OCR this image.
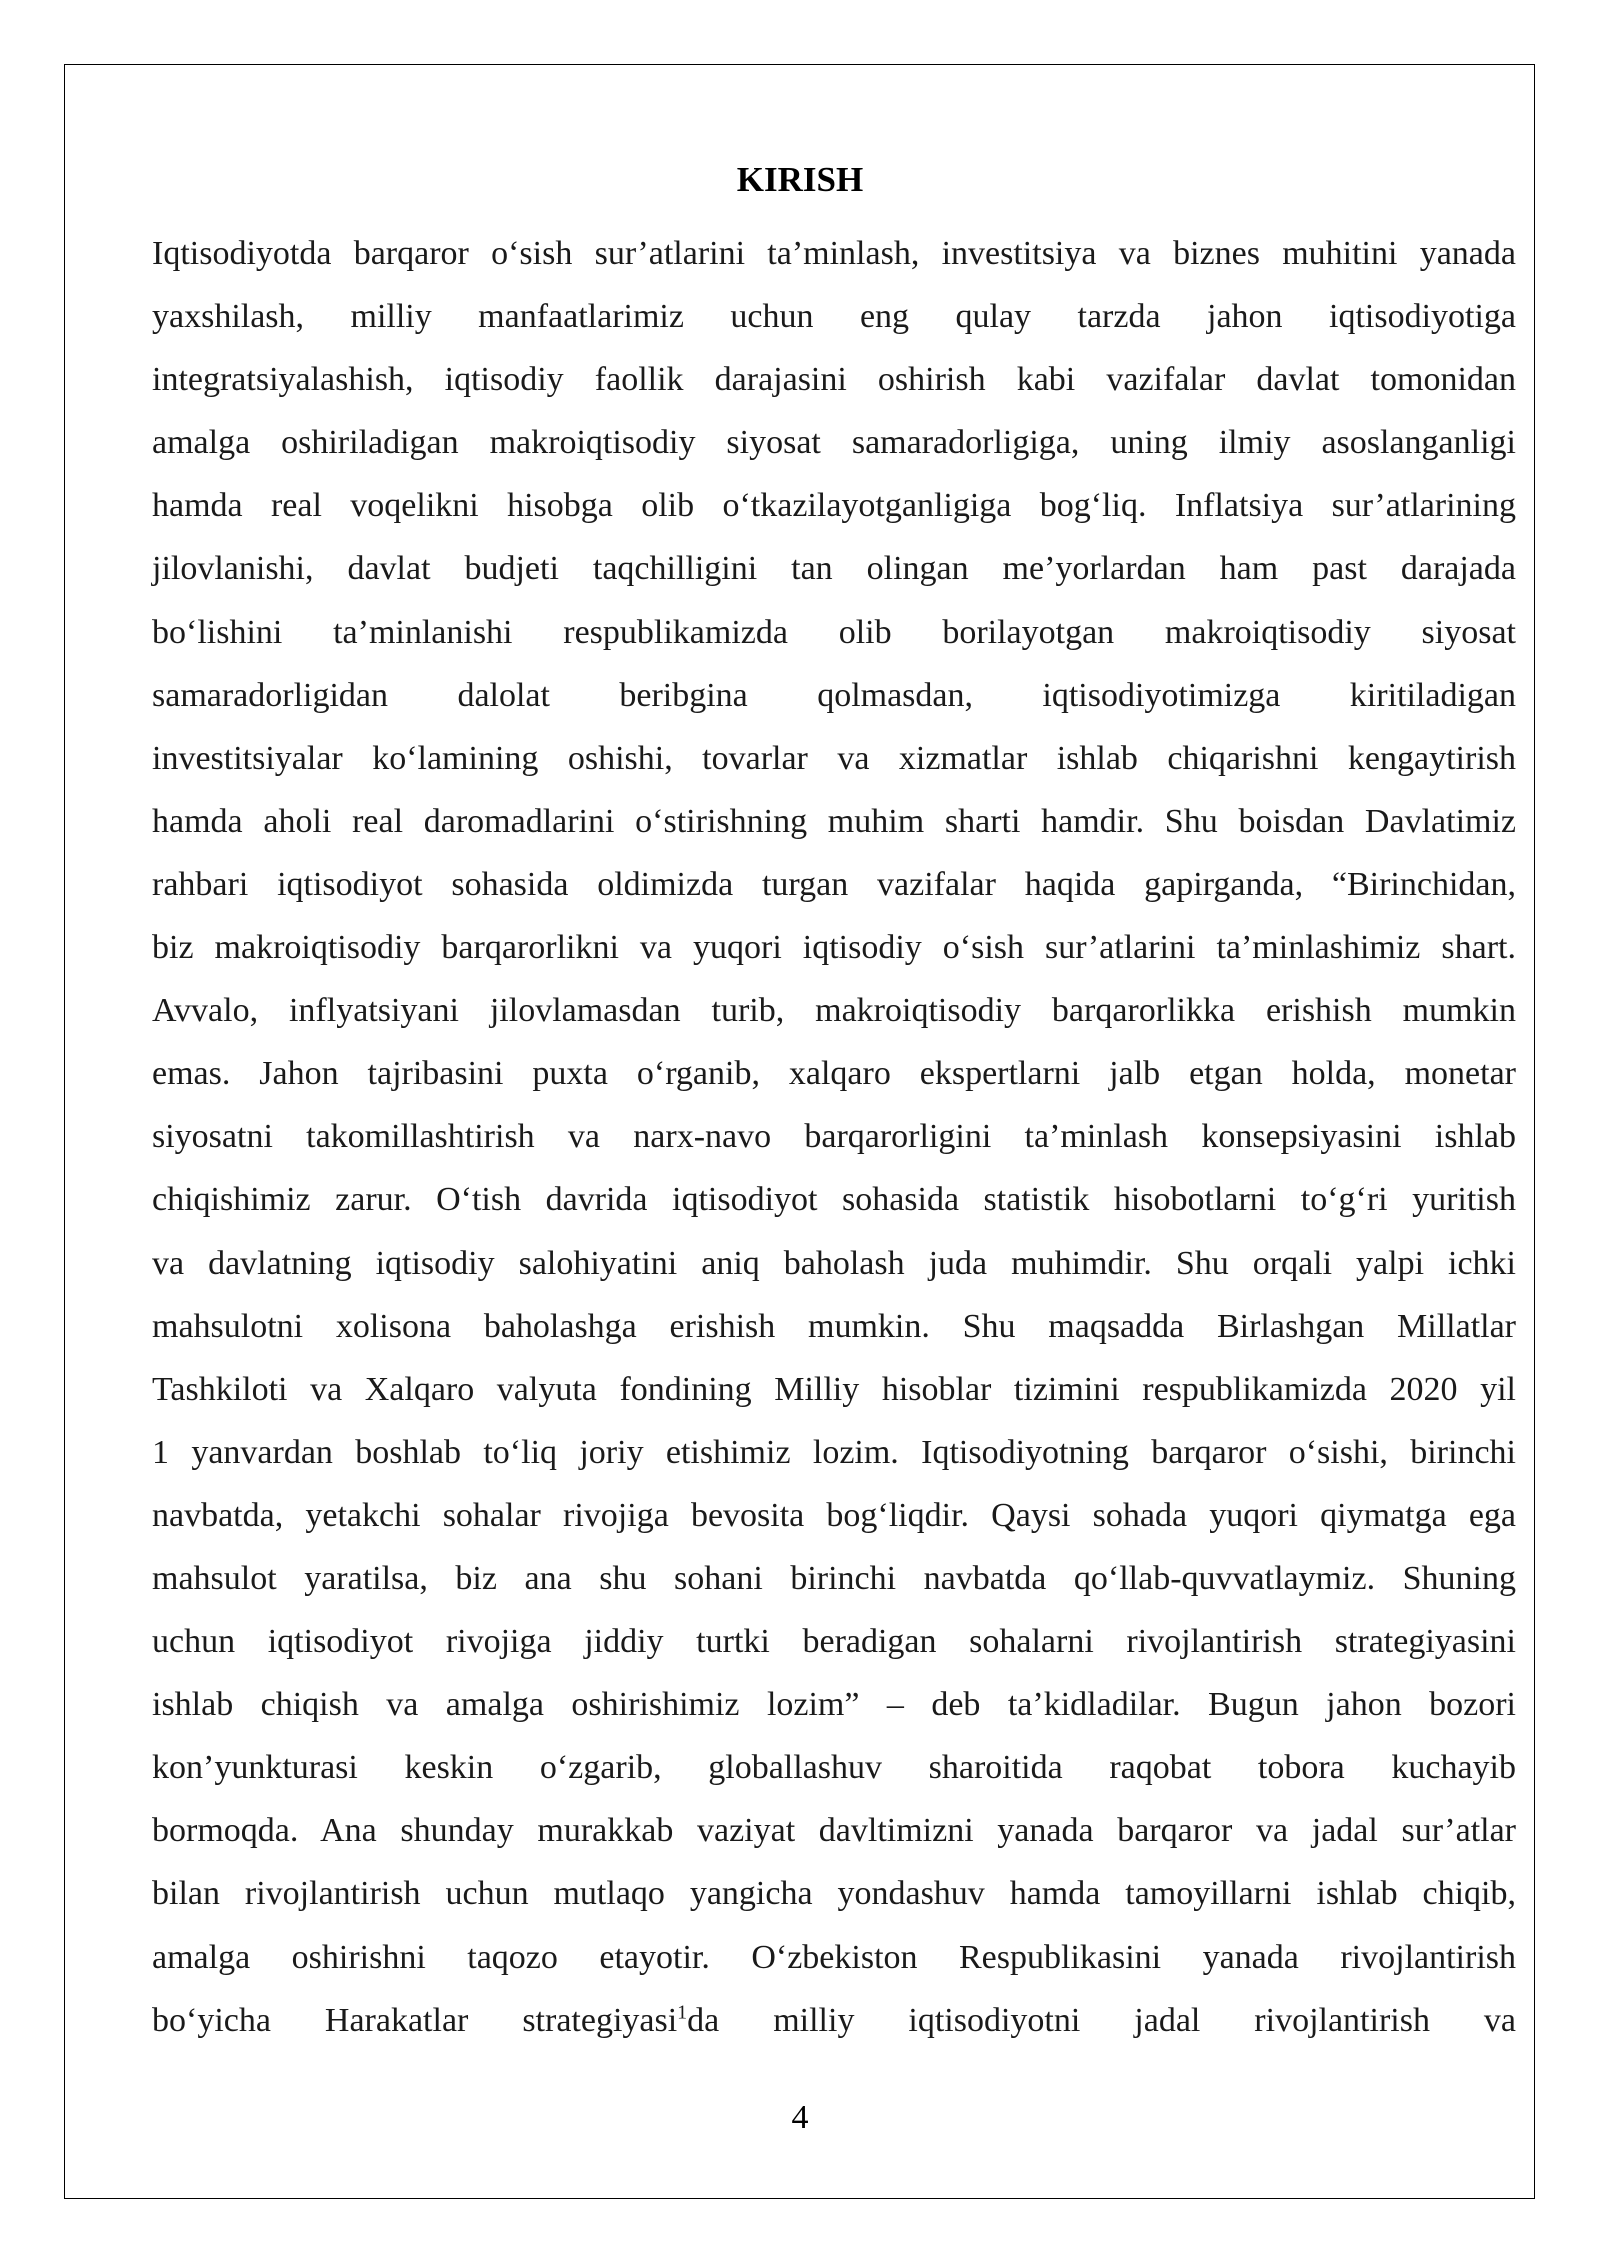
KIRISH
Iqtisodiyotda barqaror o‘sish sur’atlarini ta’minlash, investitsiya va biznes muhitini yanada
yaxshilash, milliy manfaatlarimiz uchun eng qulay tarzda jahon iqtisodiyotiga
integratsiyalashish, iqtisodiy faollik darajasini oshirish kabi vazifalar davlat tomonidan
amalga oshiriladigan makroiqtisodiy siyosat samaradorligiga, uning ilmiy asoslanganligi
hamda real voqelikni hisobga olib o‘tkazilayotganligiga bog‘liq. Inflatsiya sur’atlarining
jilovlanishi, davlat budjeti taqchilligini tan olingan me’yorlardan ham past darajada
bo‘lishini ta’minlanishi respublikamizda olib borilayotgan makroiqtisodiy siyosat
samaradorligidan dalolat beribgina qolmasdan, iqtisodiyotimizga kiritiladigan
investitsiyalar ko‘lamining oshishi, tovarlar va xizmatlar ishlab chiqarishni kengaytirish
hamda aholi real daromadlarini o‘stirishning muhim sharti hamdir. Shu boisdan Davlatimiz
rahbari iqtisodiyot sohasida oldimizda turgan vazifalar haqida gapirganda, “Birinchidan,
biz makroiqtisodiy barqarorlikni va yuqori iqtisodiy o‘sish sur’atlarini ta’minlashimiz shart.
Avvalo, inflyatsiyani jilovlamasdan turib, makroiqtisodiy barqarorlikka erishish mumkin
emas. Jahon tajribasini puxta o‘rganib, xalqaro ekspertlarni jalb etgan holda, monetar
siyosatni takomillashtirish va narx-navo barqarorligini ta’minlash konsepsiyasini ishlab
chiqishimiz zarur. O‘tish davrida iqtisodiyot sohasida statistik hisobotlarni to‘g‘ri yuritish
va davlatning iqtisodiy salohiyatini aniq baholash juda muhimdir. Shu orqali yalpi ichki
mahsulotni xolisona baholashga erishish mumkin. Shu maqsadda Birlashgan Millatlar
Tashkiloti va Xalqaro valyuta fondining Milliy hisoblar tizimini respublikamizda 2020 yil
1 yanvardan boshlab to‘liq joriy etishimiz lozim. Iqtisodiyotning barqaror o‘sishi, birinchi
navbatda, yetakchi sohalar rivojiga bevosita bog‘liqdir. Qaysi sohada yuqori qiymatga ega
mahsulot yaratilsa, biz ana shu sohani birinchi navbatda qo‘llab-quvvatlaymiz. Shuning
uchun iqtisodiyot rivojiga jiddiy turtki beradigan sohalarni rivojlantirish strategiyasini
ishlab chiqish va amalga oshirishimiz lozim” – deb ta’kidladilar. Bugun jahon bozori
kon’yunkturasi keskin o‘zgarib, globallashuv sharoitida raqobat tobora kuchayib
bormoqda. Ana shunday murakkab vaziyat davltimizni yanada barqaror va jadal sur’atlar
bilan rivojlantirish uchun mutlaqo yangicha yondashuv hamda tamoyillarni ishlab chiqib,
amalga oshirishni taqozo etayotir. O‘zbekiston Respublikasini yanada rivojlantirish
bo‘yicha Harakatlar strategiyasi$^1$da milliy iqtisodiyotni jadal rivojlantirish va
4
